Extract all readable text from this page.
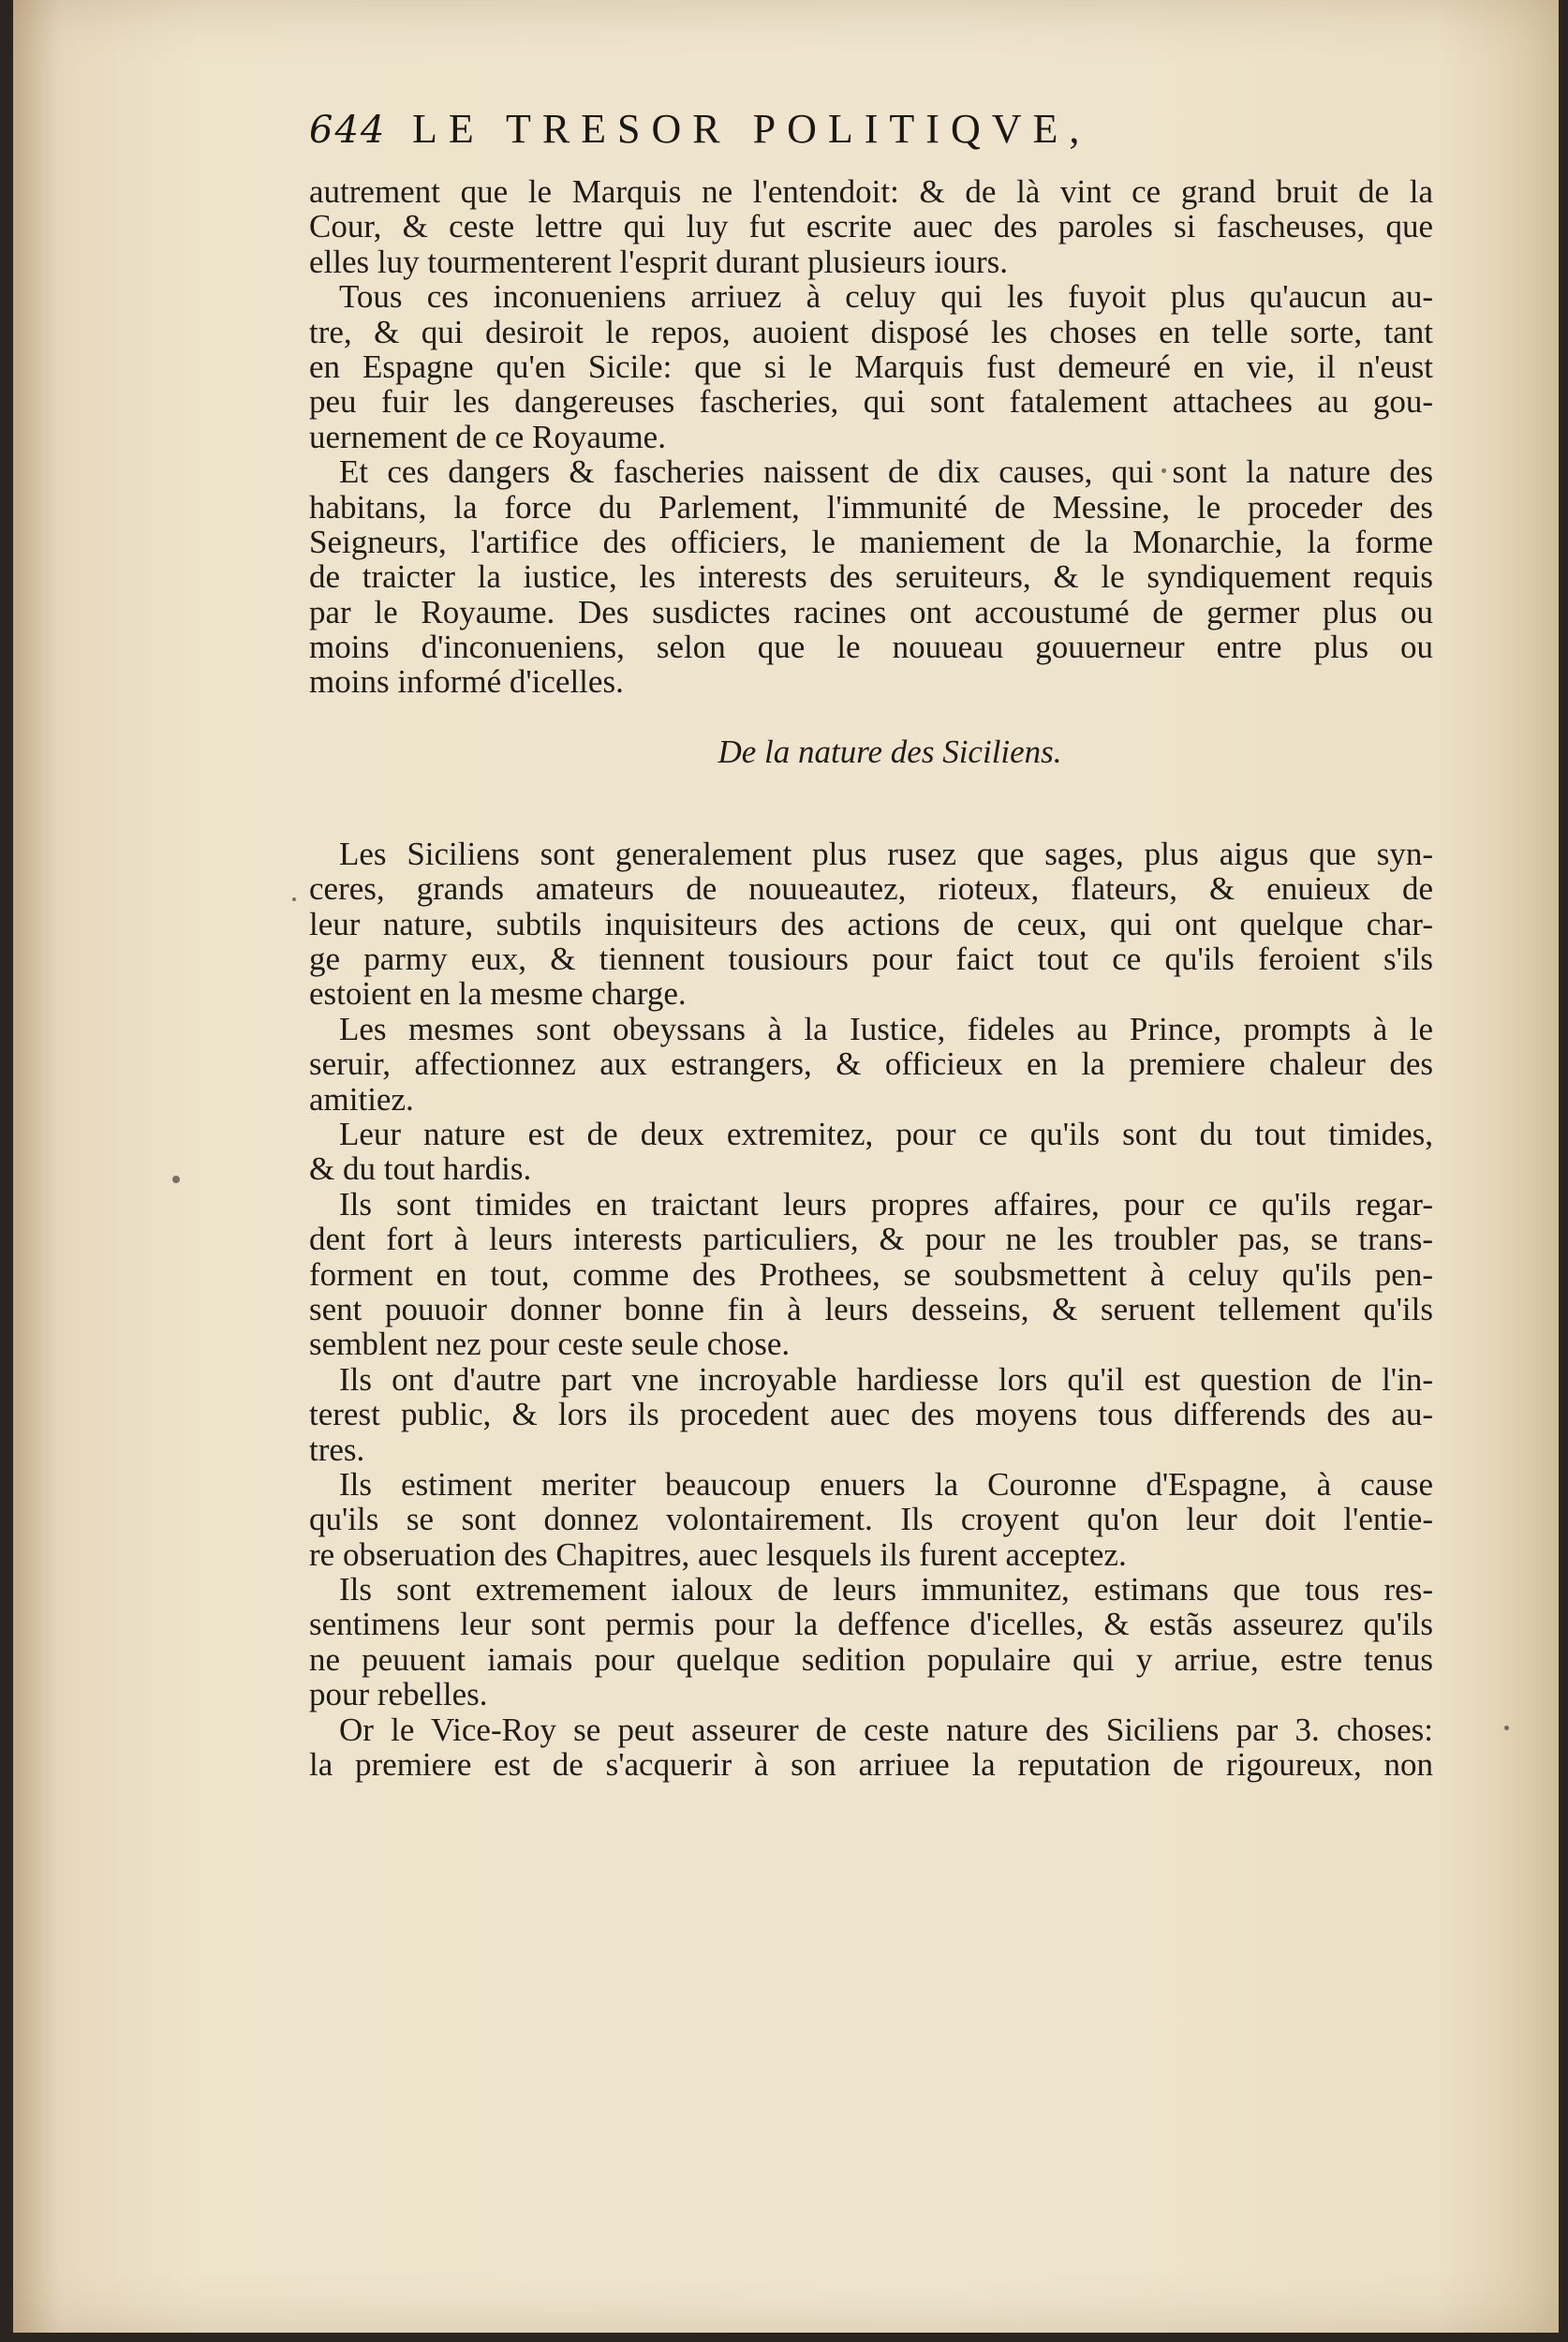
644 LE TRESOR POLITIQVE,
autrement que le Marquis ne l'entendoit: & de là vint ce grand bruit de la
Cour, & ceste lettre qui luy fut escrite auec des paroles si fascheuses, que
elles luy tourmenterent l'esprit durant plusieurs iours.
Tous ces inconueniens arriuez à celuy qui les fuyoit plus qu'aucun au-
tre, & qui desiroit le repos, auoient disposé les choses en telle sorte, tant
en Espagne qu'en Sicile: que si le Marquis fust demeuré en vie, il n'eust
peu fuir les dangereuses fascheries, qui sont fatalement attachees au gou-
uernement de ce Royaume.
Et ces dangers & fascheries naissent de dix causes, qui sont la nature des
habitans, la force du Parlement, l'immunité de Messine, le proceder des
Seigneurs, l'artifice des officiers, le maniement de la Monarchie, la forme
de traicter la iustice, les interests des seruiteurs, & le syndiquement requis
par le Royaume. Des susdictes racines ont accoustumé de germer plus ou
moins d'inconueniens, selon que le nouueau gouuerneur entre plus ou
moins informé d'icelles.
De la nature des Siciliens.
Les Siciliens sont generalement plus rusez que sages, plus aigus que syn-
ceres, grands amateurs de nouueautez, rioteux, flateurs, & enuieux de
leur nature, subtils inquisiteurs des actions de ceux, qui ont quelque char-
ge parmy eux, & tiennent tousiours pour faict tout ce qu'ils feroient s'ils
estoient en la mesme charge.
Les mesmes sont obeyssans à la Iustice, fideles au Prince, prompts à le
seruir, affectionnez aux estrangers, & officieux en la premiere chaleur des
amitiez.
Leur nature est de deux extremitez, pour ce qu'ils sont du tout timides,
& du tout hardis.
Ils sont timides en traictant leurs propres affaires, pour ce qu'ils regar-
dent fort à leurs interests particuliers, & pour ne les troubler pas, se trans-
forment en tout, comme des Prothees, se soubsmettent à celuy qu'ils pen-
sent pouuoir donner bonne fin à leurs desseins, & seruent tellement qu'ils
semblent nez pour ceste seule chose.
Ils ont d'autre part vne incroyable hardiesse lors qu'il est question de l'in-
terest public, & lors ils procedent auec des moyens tous differends des au-
tres.
Ils estiment meriter beaucoup enuers la Couronne d'Espagne, à cause
qu'ils se sont donnez volontairement. Ils croyent qu'on leur doit l'entie-
re obseruation des Chapitres, auec lesquels ils furent acceptez.
Ils sont extremement ialoux de leurs immunitez, estimans que tous res-
sentimens leur sont permis pour la deffence d'icelles, & estãs asseurez qu'ils
ne peuuent iamais pour quelque sedition populaire qui y arriue, estre tenus
pour rebelles.
Or le Vice-Roy se peut asseurer de ceste nature des Siciliens par 3. choses:
la premiere est de s'acquerir à son arriuee la reputation de rigoureux, non
